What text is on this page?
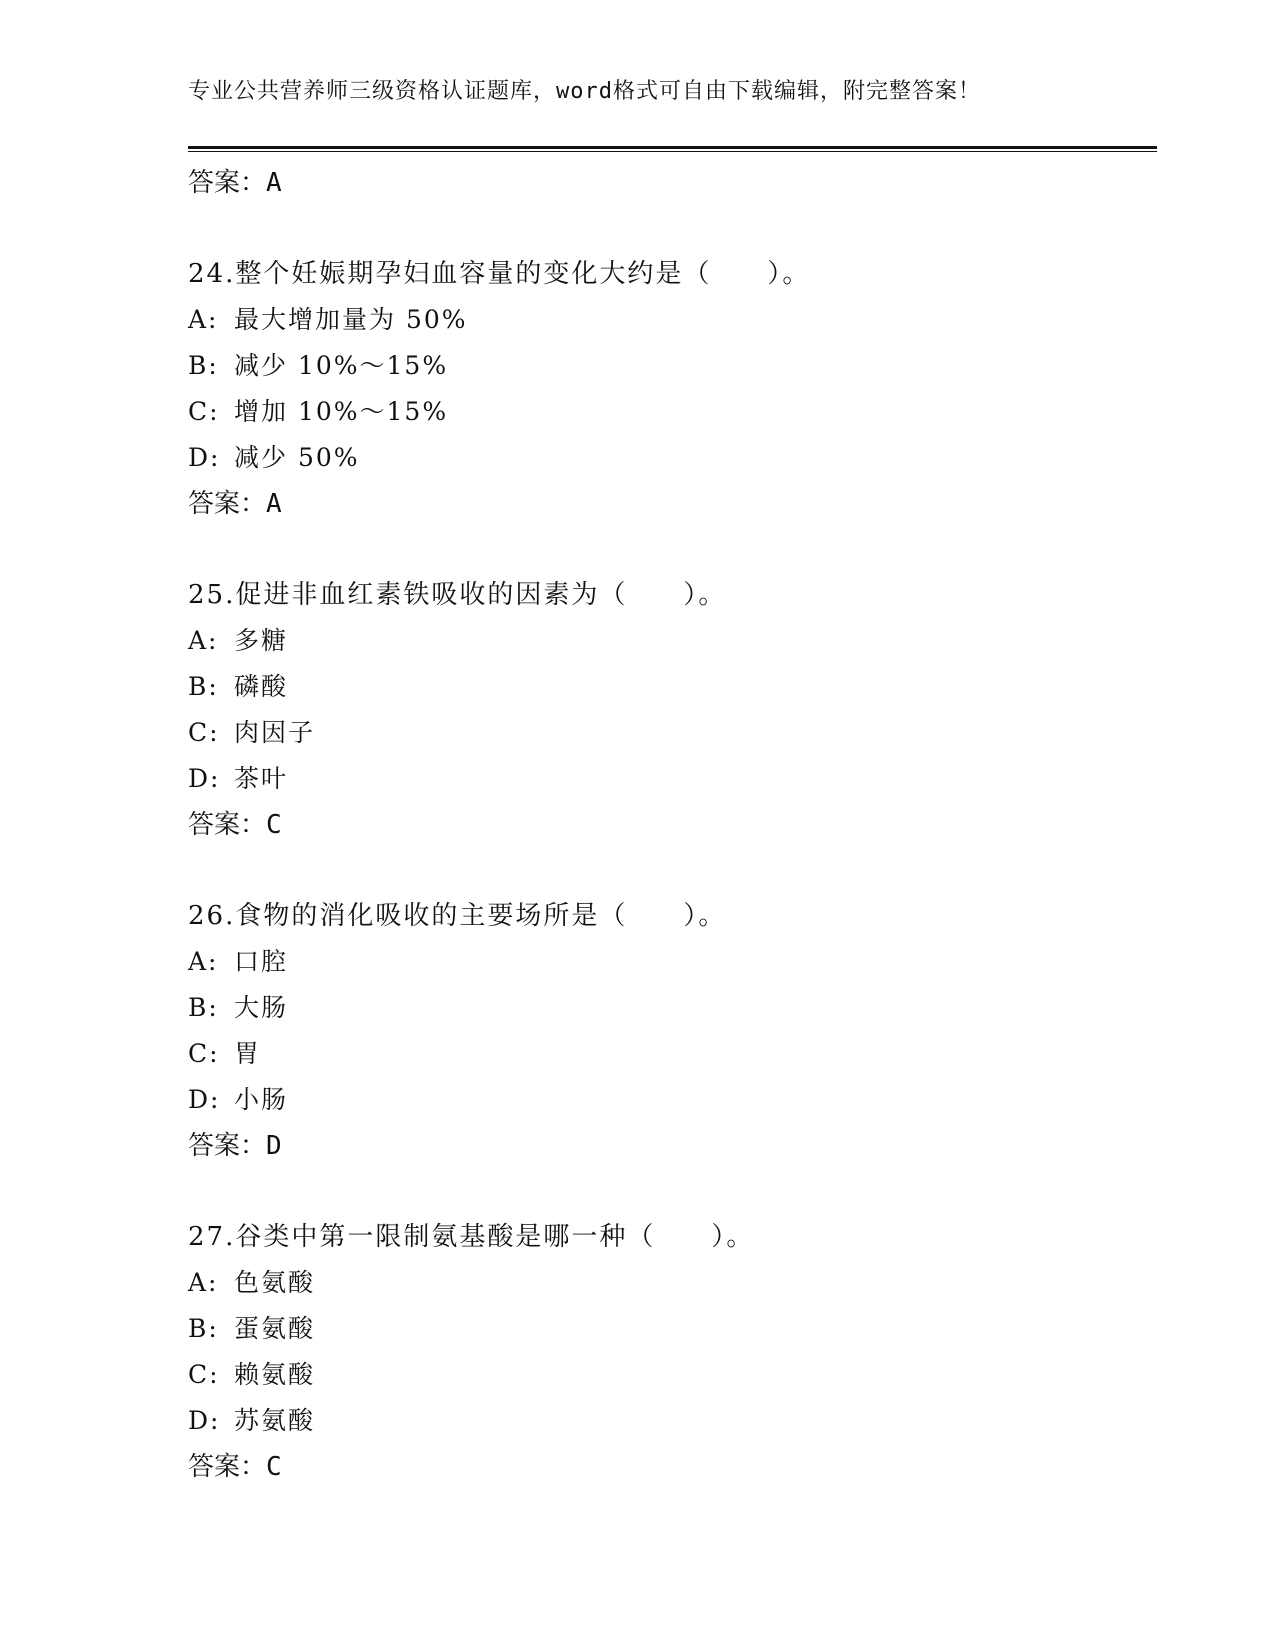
专业公共营养师三级资格认证题库，word格式可自由下载编辑，附完整答案！
答案：A
24.整个妊娠期孕妇血容量的变化大约是（　　）。
A: 最大增加量为 50%
B: 减少 10%～15%
C: 增加 10%～15%
D: 减少 50%
答案：A
25.促进非血红素铁吸收的因素为（　　）。
A: 多糖
B: 磷酸
C: 肉因子
D: 茶叶
答案：C
26.食物的消化吸收的主要场所是（　　）。
A: 口腔
B: 大肠
C: 胃
D: 小肠
答案：D
27.谷类中第一限制氨基酸是哪一种（　　）。
A: 色氨酸
B: 蛋氨酸
C: 赖氨酸
D: 苏氨酸
答案：C
